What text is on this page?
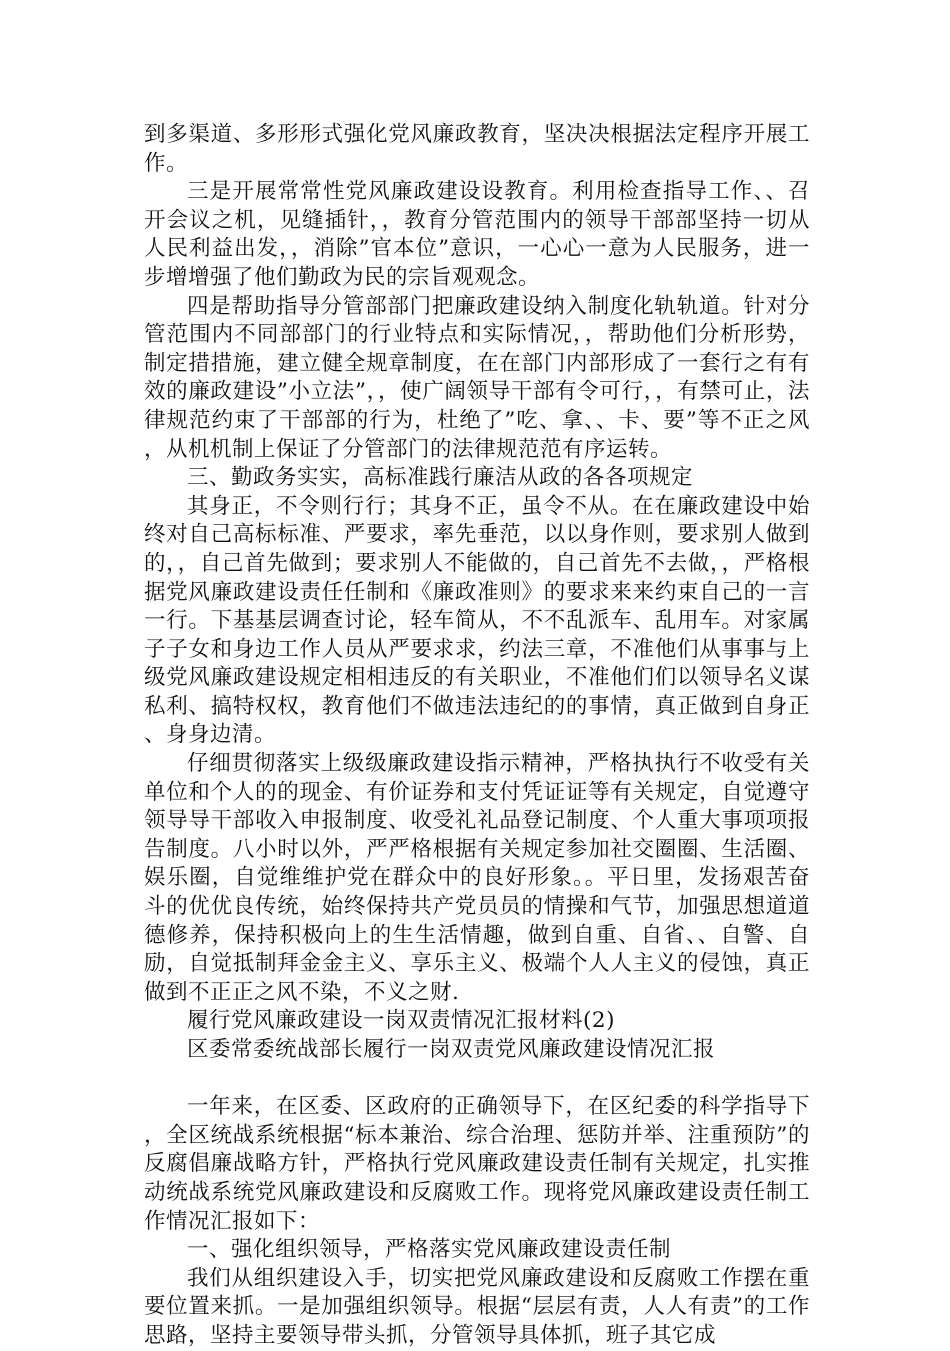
到多渠道、多形形式强化党风廉政教育，坚决决根据法定程序开展工作。

三是开展常常性党风廉政建设设教育。利用检查指导工作、、召开会议之机，见缝插针，，教育分管范围内的领导干部部坚持一切从人民利益出发，，消除”官本位”意识，一心心一意为人民服务，进一步增增强了他们勤政为民的宗旨观观念。

四是帮助指导分管部部门把廉政建设纳入制度化轨轨道。针对分管范围内不同部部门的行业特点和实际情况，，帮助他们分析形势，制定措措施，建立健全规章制度，在在部门内部形成了一套行之有有效的廉政建设”小立法”，，使广阔领导干部有令可行，，有禁可止，法律规范约束了干部部的行为，杜绝了”吃、拿、、卡、要”等不正之风，从机机制上保证了分管部门的法律规范范有序运转。

三、勤政务实实，高标准践行廉洁从政的各各项规定

其身正，不令则行行；其身不正，虽令不从。在在廉政建设中始终对自己高标标准、严要求，率先垂范，以以身作则，要求别人做到的，，自己首先做到；要求别人不能做的，自己首先不去做，，严格根据党风廉政建设责任任制和《廉政准则》的要求来来约束自己的一言一行。下基基层调查讨论，轻车简从，不不乱派车、乱用车。对家属子子女和身边工作人员从严要求求，约法三章，不准他们从事事与上级党风廉政建设规定相相违反的有关职业，不准他们们以领导名义谋私利、搞特权权，教育他们不做违法违纪的的事情，真正做到自身正、身身边清。

仔细贯彻落实上级级廉政建设指示精神，严格执执行不收受有关单位和个人的的现金、有价证券和支付凭证证等有关规定，自觉遵守领导导干部收入申报制度、收受礼礼品登记制度、个人重大事项项报告制度。八小时以外，严严格根据有关规定参加社交圈圈、生活圈、娱乐圈，自觉维维护党在群众中的良好形象。。平日里，发扬艰苦奋斗的优优良传统，始终保持共产党员员的情操和气节，加强思想道道德修养，保持积极向上的生生活情趣，做到自重、自省、、自警、自励，自觉抵制拜金金主义、享乐主义、极端个人人主义的侵蚀，真正做到不正正之风不染，不义之财.

履行党风廉政建设一岗双责情况汇报材料(2)

区委常委统战部长履行一岗双责党风廉政建设情况汇报

一年来，在区委、区政府的正确领导下，在区纪委的科学指导下，全区统战系统根据“标本兼治、综合治理、惩防并举、注重预防”的反腐倡廉战略方针，严格执行党风廉政建设责任制有关规定，扎实推动统战系统党风廉政建设和反腐败工作。现将党风廉政建设责任制工作情况汇报如下：

一、强化组织领导，严格落实党风廉政建设责任制

我们从组织建设入手，切实把党风廉政建设和反腐败工作摆在重要位置来抓。一是加强组织领导。根据“层层有责，人人有责”的工作思路，坚持主要领导带头抓，分管领导具体抓，班子其它成
